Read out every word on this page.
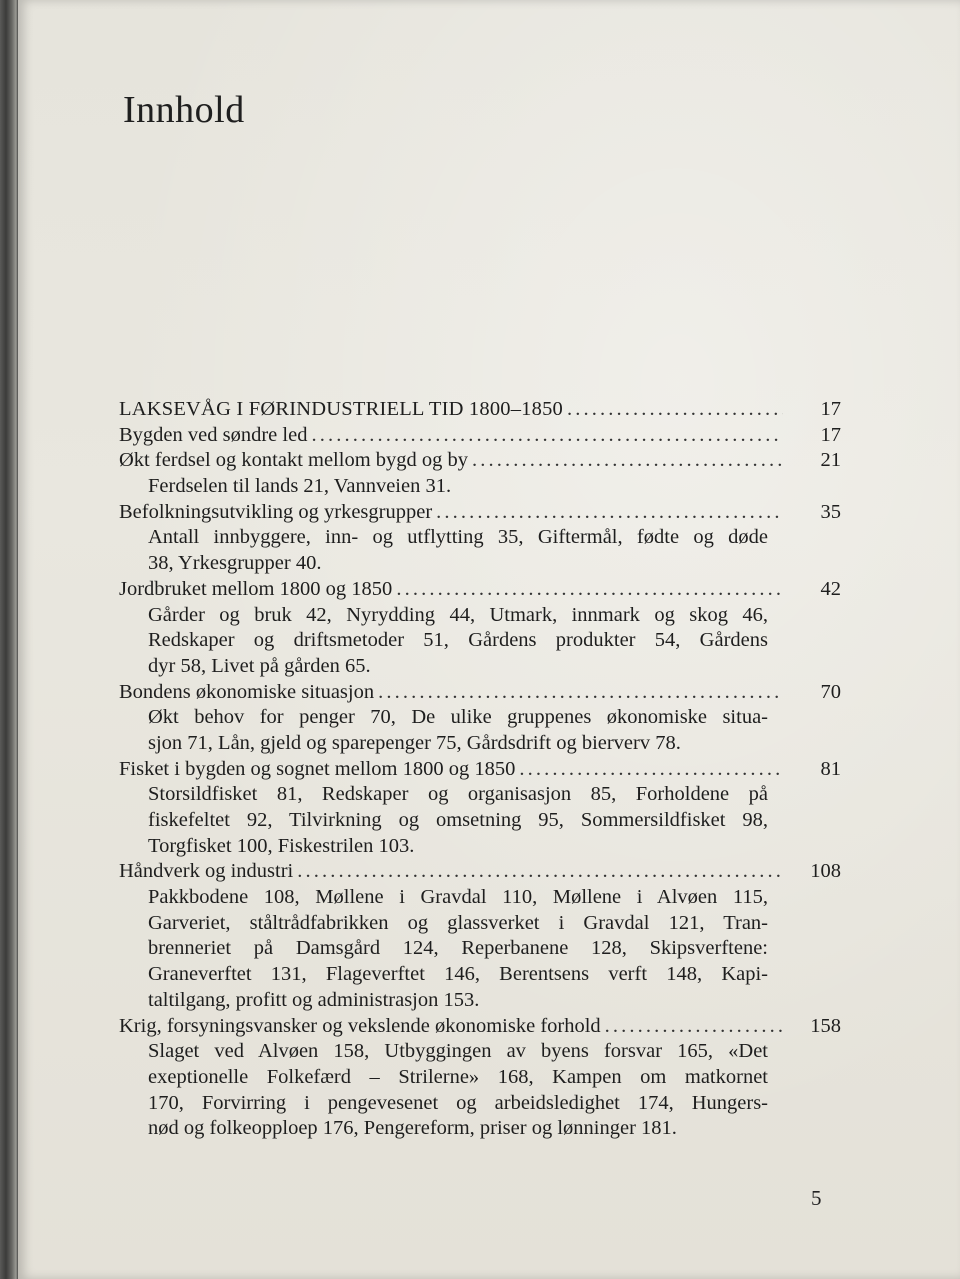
Innhold
LAKSEVÅG I FØRINDUSTRIELL TID 1800–1850 . . .	17
Bygden ved søndre led . . .	17
Økt ferdsel og kontakt mellom bygd og by . . .	21
Ferdselen til lands 21, Vannveien 31.
Befolkningsutvikling og yrkesgrupper . . .	35
Antall innbyggere, inn- og utflytting 35, Giftermål, fødte og døde
38, Yrkesgrupper 40.
Jordbruket mellom 1800 og 1850 . . .	42
Gårder og bruk 42, Nyrydding 44, Utmark, innmark og skog 46,
Redskaper og driftsmetoder 51, Gårdens produkter 54, Gårdens
dyr 58, Livet på gården 65.
Bondens økonomiske situasjon . . .	70
Økt behov for penger 70, De ulike gruppenes økonomiske situa-
sjon 71, Lån, gjeld og sparepenger 75, Gårdsdrift og bierverv 78.
Fisket i bygden og sognet mellom 1800 og 1850 . . .	81
Storsildfisket 81, Redskaper og organisasjon 85, Forholdene på
fiskefeltet 92, Tilvirkning og omsetning 95, Sommersildfisket 98,
Torgfisket 100, Fiskestrilen 103.
Håndverk og industri . . .	108
Pakkbodene 108, Møllene i Gravdal 110, Møllene i Alvøen 115,
Garveriet, ståltrådfabrikken og glassverket i Gravdal 121, Tran-
brenneriet på Damsgård 124, Reperbanene 128, Skipsverftene:
Graneverftet 131, Flageverftet 146, Berentsens verft 148, Kapi-
taltilgang, profitt og administrasjon 153.
Krig, forsyningsvansker og vekslende økonomiske forhold . . .	158
Slaget ved Alvøen 158, Utbyggingen av byens forsvar 165, «Det
exeptionelle Folkefærd – Strilerne» 168, Kampen om matkornet
170, Forvirring i pengevesenet og arbeidsledighet 174, Hungers-
nød og folkeopploep 176, Pengereform, priser og lønninger 181.
5
